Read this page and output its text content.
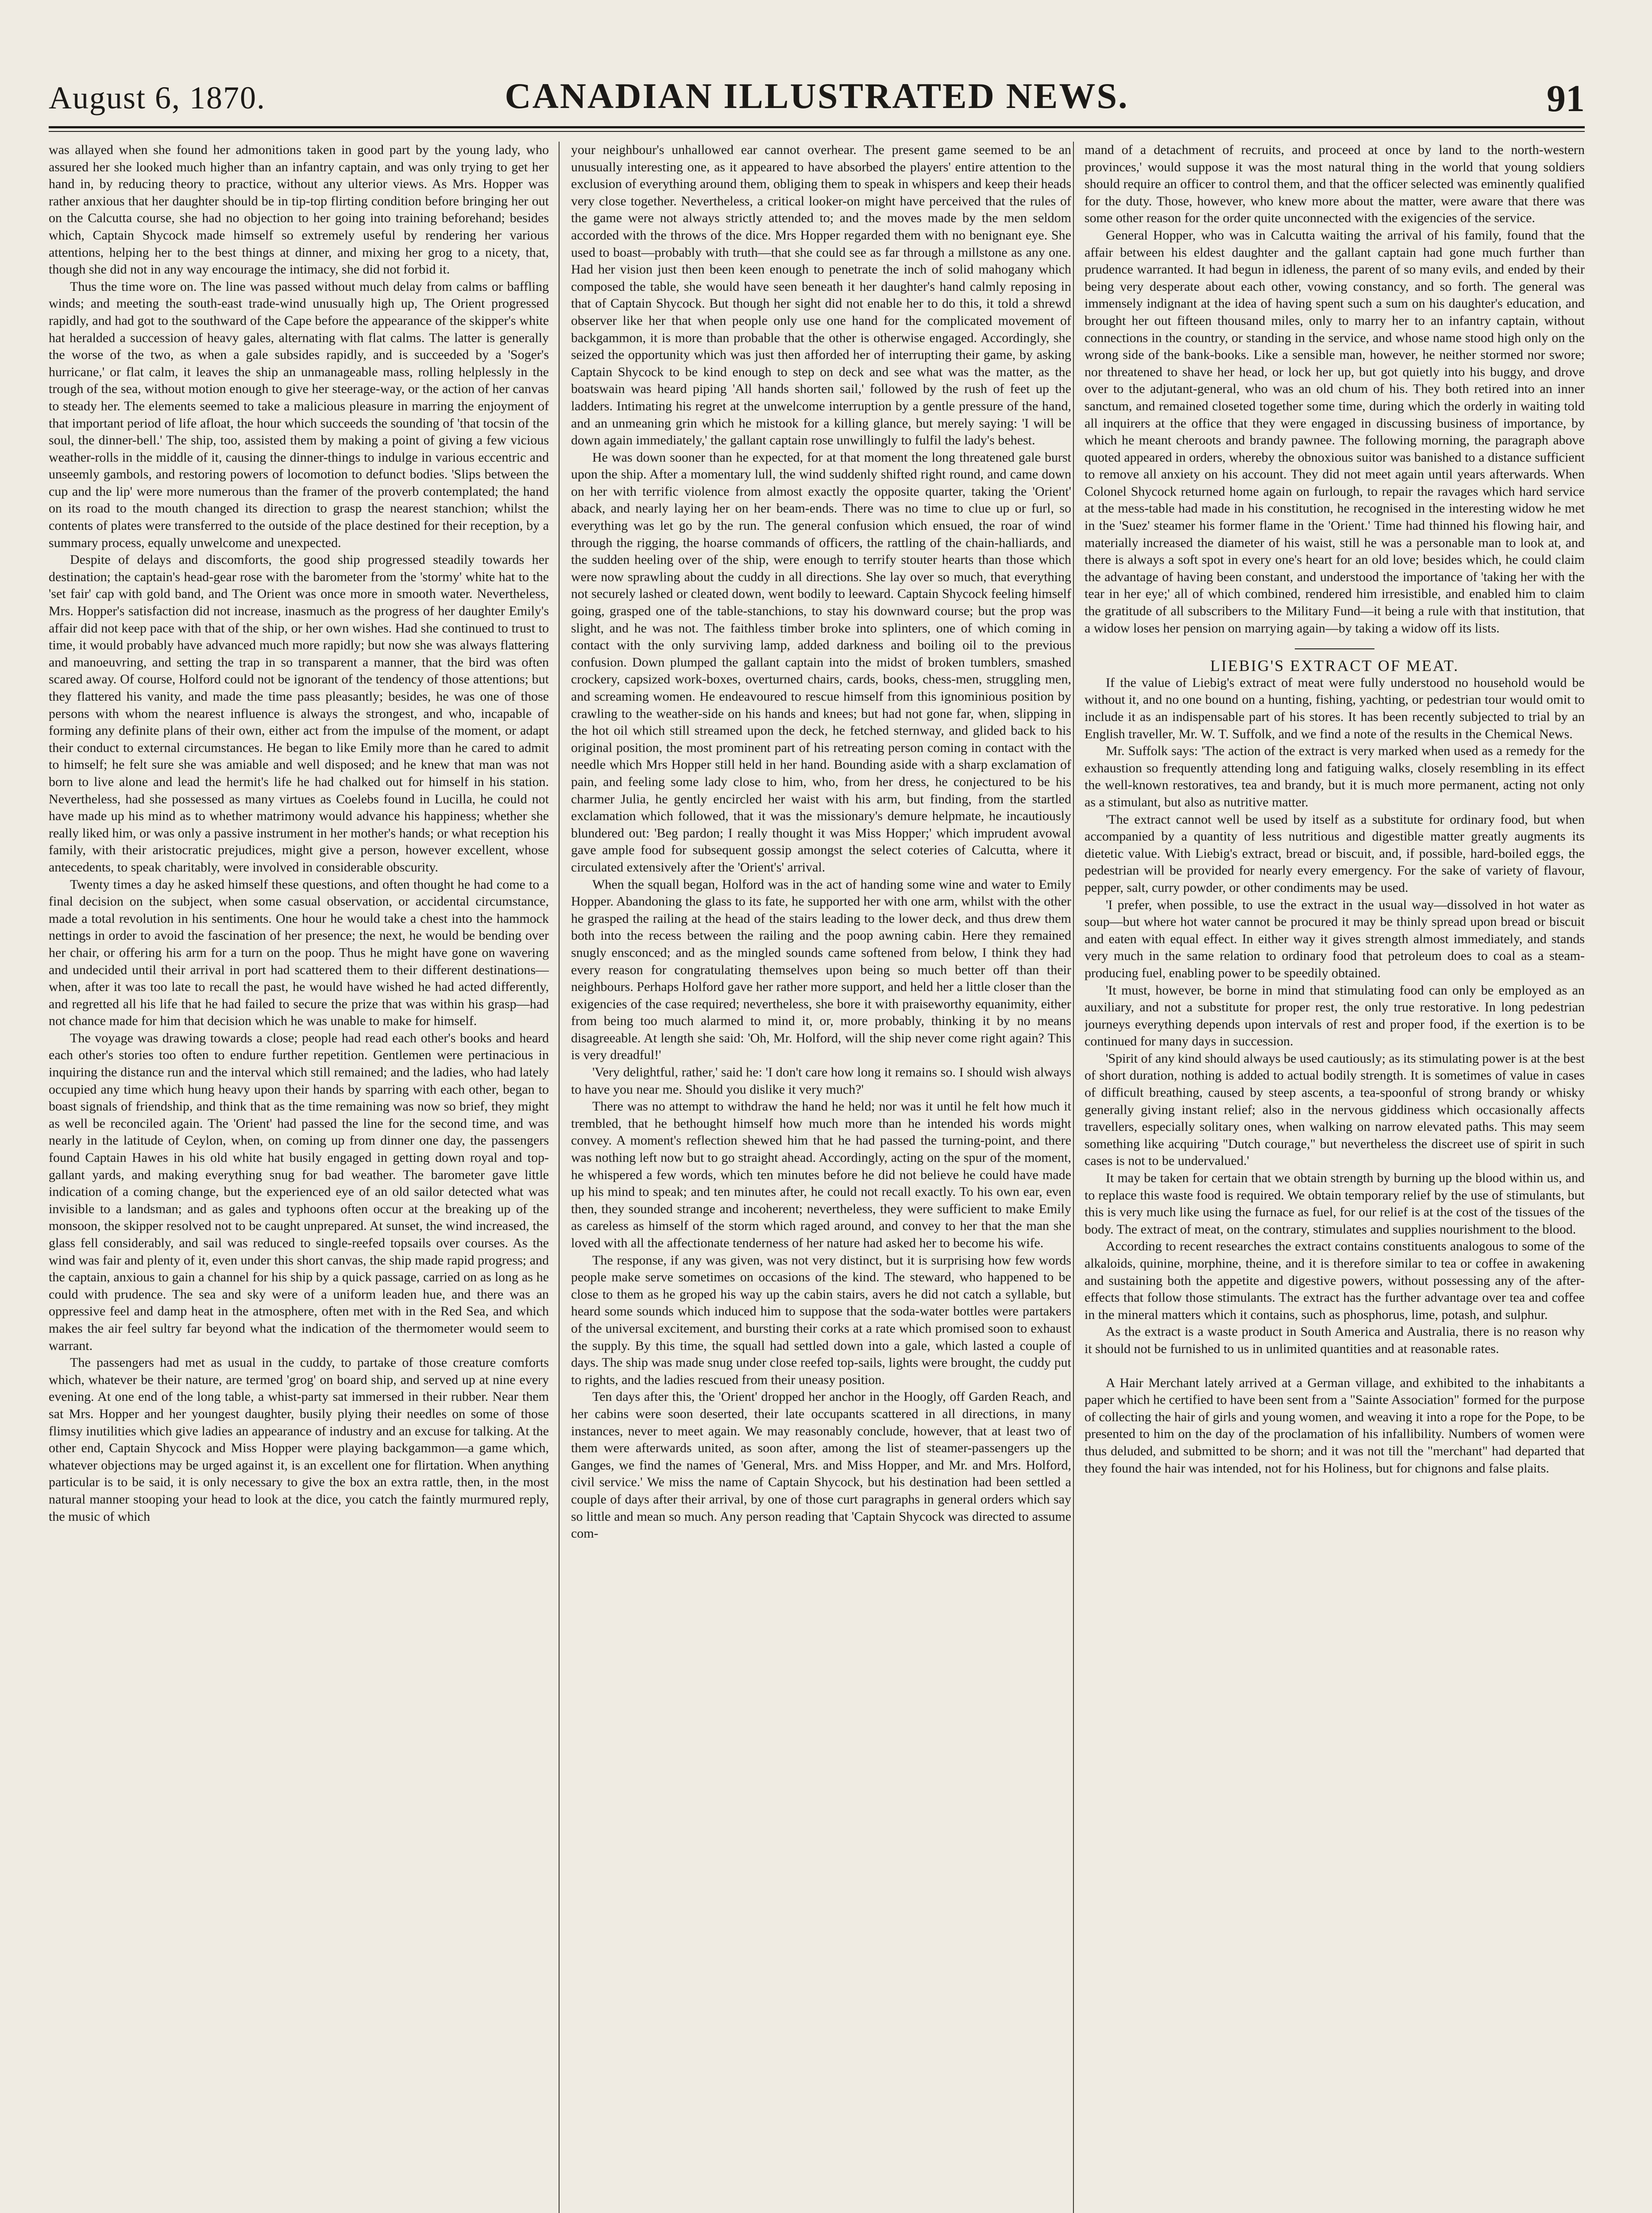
August 6, 1870.	CANADIAN ILLUSTRATED NEWS.	91

was allayed when she found her admonitions taken in good part by the young lady, who assured her she looked much higher than an infantry captain, and was only trying to get her hand in, by reducing theory to practice, without any ulterior views. As Mrs. Hopper was rather anxious that her daughter should be in tip-top flirting condition before bringing her out on the Calcutta course, she had no objection to her going into training beforehand; besides which, Captain Shycock made himself so extremely useful by rendering her various attentions, helping her to the best things at dinner, and mixing her grog to a nicety, that, though she did not in any way encourage the intimacy, she did not forbid it.

Thus the time wore on. The line was passed without much delay from calms or baffling winds; and meeting the south-east trade-wind unusually high up, The Orient progressed rapidly, and had got to the southward of the Cape before the appearance of the skipper's white hat heralded a succession of heavy gales, alternating with flat calms. The latter is generally the worse of the two, as when a gale subsides rapidly, and is succeeded by a 'Soger's hurricane,' or flat calm, it leaves the ship an unmanageable mass, rolling helplessly in the trough of the sea, without motion enough to give her steerage-way, or the action of her canvas to steady her. The elements seemed to take a malicious pleasure in marring the enjoyment of that important period of life afloat, the hour which succeeds the sounding of 'that tocsin of the soul, the dinner-bell.' The ship, too, assisted them by making a point of giving a few vicious weather-rolls in the middle of it, causing the dinner-things to indulge in various eccentric and unseemly gambols, and restoring powers of locomotion to defunct bodies. 'Slips between the cup and the lip' were more numerous than the framer of the proverb contemplated; the hand on its road to the mouth changed its direction to grasp the nearest stanchion; whilst the contents of plates were transferred to the outside of the place destined for their reception, by a summary process, equally unwelcome and unexpected.

Despite of delays and discomforts, the good ship progressed steadily towards her destination; the captain's head-gear rose with the barometer from the 'stormy' white hat to the 'set fair' cap with gold band, and The Orient was once more in smooth water. Nevertheless, Mrs. Hopper's satisfaction did not increase, inasmuch as the progress of her daughter Emily's affair did not keep pace with that of the ship, or her own wishes. Had she continued to trust to time, it would probably have advanced much more rapidly; but now she was always flattering and manoeuvring, and setting the trap in so transparent a manner, that the bird was often scared away. Of course, Holford could not be ignorant of the tendency of those attentions; but they flattered his vanity, and made the time pass pleasantly; besides, he was one of those persons with whom the nearest influence is always the strongest, and who, incapable of forming any definite plans of their own, either act from the impulse of the moment, or adapt their conduct to external circumstances. He began to like Emily more than he cared to admit to himself; he felt sure she was amiable and well disposed; and he knew that man was not born to live alone and lead the hermit's life he had chalked out for himself in his station. Nevertheless, had she possessed as many virtues as Coelebs found in Lucilla, he could not have made up his mind as to whether matrimony would advance his happiness; whether she really liked him, or was only a passive instrument in her mother's hands; or what reception his family, with their aristocratic prejudices, might give a person, however excellent, whose antecedents, to speak charitably, were involved in considerable obscurity.

Twenty times a day he asked himself these questions, and often thought he had come to a final decision on the subject, when some casual observation, or accidental circumstance, made a total revolution in his sentiments. One hour he would take a chest into the hammock nettings in order to avoid the fascination of her presence; the next, he would be bending over her chair, or offering his arm for a turn on the poop. Thus he might have gone on wavering and undecided until their arrival in port had scattered them to their different destinations—when, after it was too late to recall the past, he would have wished he had acted differently, and regretted all his life that he had failed to secure the prize that was within his grasp—had not chance made for him that decision which he was unable to make for himself.

The voyage was drawing towards a close; people had read each other's books and heard each other's stories too often to endure further repetition. Gentlemen were pertinacious in inquiring the distance run and the interval which still remained; and the ladies, who had lately occupied any time which hung heavy upon their hands by sparring with each other, began to boast signals of friendship, and think that as the time remaining was now so brief, they might as well be reconciled again. The 'Orient' had passed the line for the second time, and was nearly in the latitude of Ceylon, when, on coming up from dinner one day, the passengers found Captain Hawes in his old white hat busily engaged in getting down royal and top-gallant yards, and making everything snug for bad weather. The barometer gave little indication of a coming change, but the experienced eye of an old sailor detected what was invisible to a landsman; and as gales and typhoons often occur at the breaking up of the monsoon, the skipper resolved not to be caught unprepared. At sunset, the wind increased, the glass fell considerably, and sail was reduced to single-reefed topsails over courses. As the wind was fair and plenty of it, even under this short canvas, the ship made rapid progress; and the captain, anxious to gain a channel for his ship by a quick passage, carried on as long as he could with prudence. The sea and sky were of a uniform leaden hue, and there was an oppressive feel and damp heat in the atmosphere, often met with in the Red Sea, and which makes the air feel sultry far beyond what the indication of the thermometer would seem to warrant.

The passengers had met as usual in the cuddy, to partake of those creature comforts which, whatever be their nature, are termed 'grog' on board ship, and served up at nine every evening. At one end of the long table, a whist-party sat immersed in their rubber. Near them sat Mrs. Hopper and her youngest daughter, busily plying their needles on some of those flimsy inutilities which give ladies an appearance of industry and an excuse for talking. At the other end, Captain Shycock and Miss Hopper were playing backgammon—a game which, whatever objections may be urged against it, is an excellent one for flirtation. When anything particular is to be said, it is only necessary to give the box an extra rattle, then, in the most natural manner stooping your head to look at the dice, you catch the faintly murmured reply, the music of which

your neighbour's unhallowed ear cannot overhear. The present game seemed to be an unusually interesting one, as it appeared to have absorbed the players' entire attention to the exclusion of everything around them, obliging them to speak in whispers and keep their heads very close together. Nevertheless, a critical looker-on might have perceived that the rules of the game were not always strictly attended to; and the moves made by the men seldom accorded with the throws of the dice. Mrs Hopper regarded them with no benignant eye. She used to boast—probably with truth—that she could see as far through a millstone as any one. Had her vision just then been keen enough to penetrate the inch of solid mahogany which composed the table, she would have seen beneath it her daughter's hand calmly reposing in that of Captain Shycock. But though her sight did not enable her to do this, it told a shrewd observer like her that when people only use one hand for the complicated movement of backgammon, it is more than probable that the other is otherwise engaged. Accordingly, she seized the opportunity which was just then afforded her of interrupting their game, by asking Captain Shycock to be kind enough to step on deck and see what was the matter, as the boatswain was heard piping 'All hands shorten sail,' followed by the rush of feet up the ladders. Intimating his regret at the unwelcome interruption by a gentle pressure of the hand, and an unmeaning grin which he mistook for a killing glance, but merely saying: 'I will be down again immediately,' the gallant captain rose unwillingly to fulfil the lady's behest.

He was down sooner than he expected, for at that moment the long threatened gale burst upon the ship. After a momentary lull, the wind suddenly shifted right round, and came down on her with terrific violence from almost exactly the opposite quarter, taking the 'Orient' aback, and nearly laying her on her beam-ends. There was no time to clue up or furl, so everything was let go by the run. The general confusion which ensued, the roar of wind through the rigging, the hoarse commands of officers, the rattling of the chain-halliards, and the sudden heeling over of the ship, were enough to terrify stouter hearts than those which were now sprawling about the cuddy in all directions. She lay over so much, that everything not securely lashed or cleated down, went bodily to leeward. Captain Shycock feeling himself going, grasped one of the table-stanchions, to stay his downward course; but the prop was slight, and he was not. The faithless timber broke into splinters, one of which coming in contact with the only surviving lamp, added darkness and boiling oil to the previous confusion. Down plumped the gallant captain into the midst of broken tumblers, smashed crockery, capsized work-boxes, overturned chairs, cards, books, chess-men, struggling men, and screaming women. He endeavoured to rescue himself from this ignominious position by crawling to the weather-side on his hands and knees; but had not gone far, when, slipping in the hot oil which still streamed upon the deck, he fetched sternway, and glided back to his original position, the most prominent part of his retreating person coming in contact with the needle which Mrs Hopper still held in her hand. Bounding aside with a sharp exclamation of pain, and feeling some lady close to him, who, from her dress, he conjectured to be his charmer Julia, he gently encircled her waist with his arm, but finding, from the startled exclamation which followed, that it was the missionary's demure helpmate, he incautiously blundered out: 'Beg pardon; I really thought it was Miss Hopper;' which imprudent avowal gave ample food for subsequent gossip amongst the select coteries of Calcutta, where it circulated extensively after the 'Orient's' arrival.

When the squall began, Holford was in the act of handing some wine and water to Emily Hopper. Abandoning the glass to its fate, he supported her with one arm, whilst with the other he grasped the railing at the head of the stairs leading to the lower deck, and thus drew them both into the recess between the railing and the poop awning cabin. Here they remained snugly ensconced; and as the mingled sounds came softened from below, I think they had every reason for congratulating themselves upon being so much better off than their neighbours. Perhaps Holford gave her rather more support, and held her a little closer than the exigencies of the case required; nevertheless, she bore it with praiseworthy equanimity, either from being too much alarmed to mind it, or, more probably, thinking it by no means disagreeable. At length she said: 'Oh, Mr. Holford, will the ship never come right again? This is very dreadful!'

'Very delightful, rather,' said he: 'I don't care how long it remains so. I should wish always to have you near me. Should you dislike it very much?'

There was no attempt to withdraw the hand he held; nor was it until he felt how much it trembled, that he bethought himself how much more than he intended his words might convey. A moment's reflection shewed him that he had passed the turning-point, and there was nothing left now but to go straight ahead. Accordingly, acting on the spur of the moment, he whispered a few words, which ten minutes before he did not believe he could have made up his mind to speak; and ten minutes after, he could not recall exactly. To his own ear, even then, they sounded strange and incoherent; nevertheless, they were sufficient to make Emily as careless as himself of the storm which raged around, and convey to her that the man she loved with all the affectionate tenderness of her nature had asked her to become his wife.

The response, if any was given, was not very distinct, but it is surprising how few words people make serve sometimes on occasions of the kind. The steward, who happened to be close to them as he groped his way up the cabin stairs, avers he did not catch a syllable, but heard some sounds which induced him to suppose that the soda-water bottles were partakers of the universal excitement, and bursting their corks at a rate which promised soon to exhaust the supply. By this time, the squall had settled down into a gale, which lasted a couple of days. The ship was made snug under close reefed top-sails, lights were brought, the cuddy put to rights, and the ladies rescued from their uneasy position.

Ten days after this, the 'Orient' dropped her anchor in the Hoogly, off Garden Reach, and her cabins were soon deserted, their late occupants scattered in all directions, in many instances, never to meet again. We may reasonably conclude, however, that at least two of them were afterwards united, as soon after, among the list of steamer-passengers up the Ganges, we find the names of 'General, Mrs. and Miss Hopper, and Mr. and Mrs. Holford, civil service.' We miss the name of Captain Shycock, but his destination had been settled a couple of days after their arrival, by one of those curt paragraphs in general orders which say so little and mean so much. Any person reading that 'Captain Shycock was directed to assume com-

mand of a detachment of recruits, and proceed at once by land to the north-western provinces,' would suppose it was the most natural thing in the world that young soldiers should require an officer to control them, and that the officer selected was eminently qualified for the duty. Those, however, who knew more about the matter, were aware that there was some other reason for the order quite unconnected with the exigencies of the service.

General Hopper, who was in Calcutta waiting the arrival of his family, found that the affair between his eldest daughter and the gallant captain had gone much further than prudence warranted. It had begun in idleness, the parent of so many evils, and ended by their being very desperate about each other, vowing constancy, and so forth. The general was immensely indignant at the idea of having spent such a sum on his daughter's education, and brought her out fifteen thousand miles, only to marry her to an infantry captain, without connections in the country, or standing in the service, and whose name stood high only on the wrong side of the bank-books. Like a sensible man, however, he neither stormed nor swore; nor threatened to shave her head, or lock her up, but got quietly into his buggy, and drove over to the adjutant-general, who was an old chum of his. They both retired into an inner sanctum, and remained closeted together some time, during which the orderly in waiting told all inquirers at the office that they were engaged in discussing business of importance, by which he meant cheroots and brandy pawnee. The following morning, the paragraph above quoted appeared in orders, whereby the obnoxious suitor was banished to a distance sufficient to remove all anxiety on his account. They did not meet again until years afterwards. When Colonel Shycock returned home again on furlough, to repair the ravages which hard service at the mess-table had made in his constitution, he recognised in the interesting widow he met in the 'Suez' steamer his former flame in the 'Orient.' Time had thinned his flowing hair, and materially increased the diameter of his waist, still he was a personable man to look at, and there is always a soft spot in every one's heart for an old love; besides which, he could claim the advantage of having been constant, and understood the importance of 'taking her with the tear in her eye;' all of which combined, rendered him irresistible, and enabled him to claim the gratitude of all subscribers to the Military Fund—it being a rule with that institution, that a widow loses her pension on marrying again—by taking a widow off its lists.

LIEBIG'S EXTRACT OF MEAT.

If the value of Liebig's extract of meat were fully understood no household would be without it, and no one bound on a hunting, fishing, yachting, or pedestrian tour would omit to include it as an indispensable part of his stores. It has been recently subjected to trial by an English traveller, Mr. W. T. Suffolk, and we find a note of the results in the Chemical News.

Mr. Suffolk says: 'The action of the extract is very marked when used as a remedy for the exhaustion so frequently attending long and fatiguing walks, closely resembling in its effect the well-known restoratives, tea and brandy, but it is much more permanent, acting not only as a stimulant, but also as nutritive matter.

'The extract cannot well be used by itself as a substitute for ordinary food, but when accompanied by a quantity of less nutritious and digestible matter greatly augments its dietetic value. With Liebig's extract, bread or biscuit, and, if possible, hard-boiled eggs, the pedestrian will be provided for nearly every emergency. For the sake of variety of flavour, pepper, salt, curry powder, or other condiments may be used.

'I prefer, when possible, to use the extract in the usual way—dissolved in hot water as soup—but where hot water cannot be procured it may be thinly spread upon bread or biscuit and eaten with equal effect. In either way it gives strength almost immediately, and stands very much in the same relation to ordinary food that petroleum does to coal as a steam-producing fuel, enabling power to be speedily obtained.

'It must, however, be borne in mind that stimulating food can only be employed as an auxiliary, and not a substitute for proper rest, the only true restorative. In long pedestrian journeys everything depends upon intervals of rest and proper food, if the exertion is to be continued for many days in succession.

'Spirit of any kind should always be used cautiously; as its stimulating power is at the best of short duration, nothing is added to actual bodily strength. It is sometimes of value in cases of difficult breathing, caused by steep ascents, a tea-spoonful of strong brandy or whisky generally giving instant relief; also in the nervous giddiness which occasionally affects travellers, especially solitary ones, when walking on narrow elevated paths. This may seem something like acquiring "Dutch courage," but nevertheless the discreet use of spirit in such cases is not to be undervalued.'

It may be taken for certain that we obtain strength by burning up the blood within us, and to replace this waste food is required. We obtain temporary relief by the use of stimulants, but this is very much like using the furnace as fuel, for our relief is at the cost of the tissues of the body. The extract of meat, on the contrary, stimulates and supplies nourishment to the blood.

According to recent researches the extract contains constituents analogous to some of the alkaloids, quinine, morphine, theine, and it is therefore similar to tea or coffee in awakening and sustaining both the appetite and digestive powers, without possessing any of the after-effects that follow those stimulants. The extract has the further advantage over tea and coffee in the mineral matters which it contains, such as phosphorus, lime, potash, and sulphur.

As the extract is a waste product in South America and Australia, there is no reason why it should not be furnished to us in unlimited quantities and at reasonable rates.

A Hair Merchant lately arrived at a German village, and exhibited to the inhabitants a paper which he certified to have been sent from a "Sainte Association" formed for the purpose of collecting the hair of girls and young women, and weaving it into a rope for the Pope, to be presented to him on the day of the proclamation of his infallibility. Numbers of women were thus deluded, and submitted to be shorn; and it was not till the "merchant" had departed that they found the hair was intended, not for his Holiness, but for chignons and false plaits.
